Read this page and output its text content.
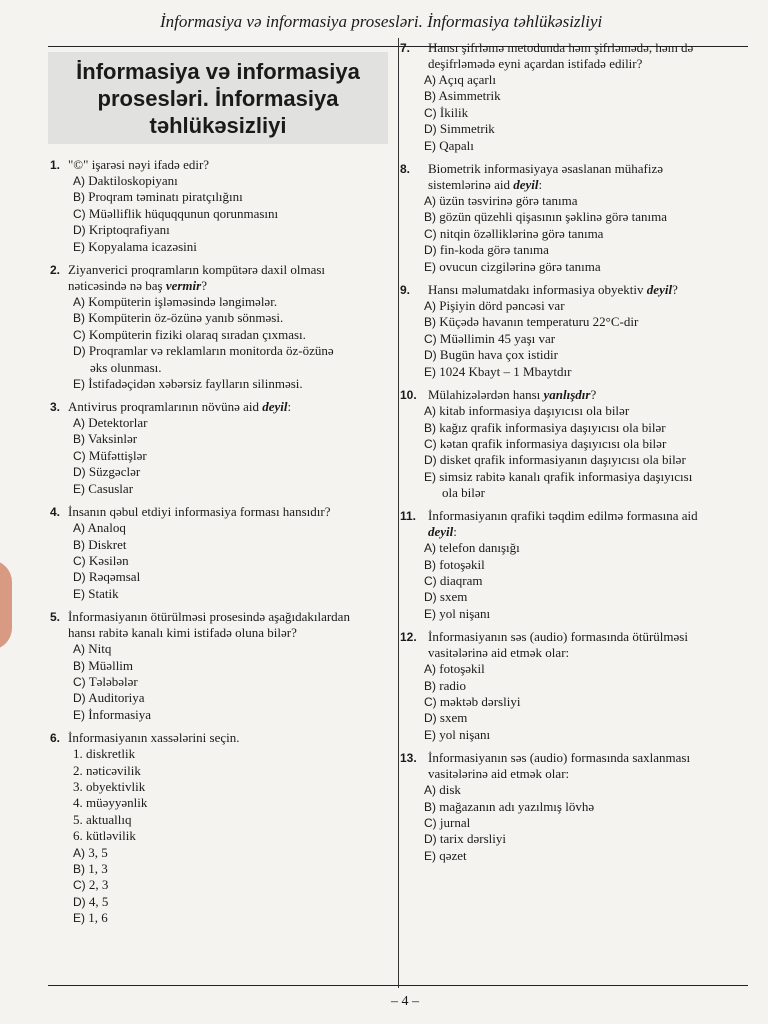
İnformasiya və informasiya prosesləri. İnformasiya təhlükəsizliyi
İnformasiya və informasiya
prosesləri. İnformasiya
təhlükəsizliyi
1. "©" işarəsi nəyi ifadə edir?
A) Daktiloskopiyanı
B) Proqram təminatı piratçılığını
C) Müəlliflik hüquqqunun qorunmasını
D) Kriptoqrafiyanı
E) Kopyalama icazəsini
2. Ziyanverici proqramların kompütərə daxil olması
nəticəsində nə baş vermir?
A) Kompüterin işləməsində ləngimələr.
B) Kompüterin öz-özünə yanıb sönməsi.
C) Kompüterin fiziki olaraq sıradan çıxması.
D) Proqramlar və reklamların monitorda öz-özünə
əks olunması.
E) İstifadəçidən xəbərsiz faylların silinməsi.
3. Antivirus proqramlarının növünə aid deyil:
A) Detektorlar
B) Vaksinlər
C) Müfəttişlər
D) Süzgəclər
E) Casuslar
4. İnsanın qəbul etdiyi informasiya forması hansıdır?
A) Analoq
B) Diskret
C) Kəsilən
D) Rəqəmsal
E) Statik
5. İnformasiyanın ötürülməsi prosesində aşağıdakılardan
hansı rabitə kanalı kimi istifadə oluna bilər?
A) Nitq
B) Müəllim
C) Tələbələr
D) Auditoriya
E) İnformasiya
6. İnformasiyanın xassələrini seçin.
1. diskretlik
2. nəticəvilik
3. obyektivlik
4. müəyyənlik
5. aktuallıq
6. kütləvilik
A) 3, 5
B) 1, 3
C) 2, 3
D) 4, 5
E) 1, 6
7. Hansı şifrləmə metodunda həm şifrləmədə, həm də
deşifrləmədə eyni açardan istifadə edilir?
A) Açıq açarlı
B) Asimmetrik
C) İkilik
D) Simmetrik
E) Qapalı
8. Biometrik informasiyaya əsaslanan mühafizə
sistemlərinə aid deyil:
A) üzün təsvirinə görə tanıma
B) gözün qüzehli qişasının şəklinə görə tanıma
C) nitqin özəlliklərinə görə tanıma
D) fin-koda görə tanıma
E) ovucun cizgilərinə görə tanıma
9. Hansı məlumatdakı informasiya obyektiv deyil?
A) Pişiyin dörd pəncəsi var
B) Küçədə havanın temperaturu 22°C-dir
C) Müəllimin 45 yaşı var
D) Bugün hava çox istidir
E) 1024 Kbayt – 1 Mbaytdır
10. Mülahizələrdən hansı yanlışdır?
A) kitab informasiya daşıyıcısı ola bilər
B) kağız qrafik informasiya daşıyıcısı ola bilər
C) kətan qrafik informasiya daşıyıcısı ola bilər
D) disket qrafik informasiyanın daşıyıcısı ola bilər
E) simsiz rabitə kanalı qrafik informasiya daşıyıcısı
ola bilər
11. İnformasiyanın qrafiki təqdim edilmə formasına aid
deyil:
A) telefon danışığı
B) fotoşəkil
C) diaqram
D) sxem
E) yol nişanı
12. İnformasiyanın səs (audio) formasında ötürülməsi
vasitələrinə aid etmək olar:
A) fotoşəkil
B) radio
C) məktəb dərsliyi
D) sxem
E) yol nişanı
13. İnformasiyanın səs (audio) formasında saxlanması
vasitələrinə aid etmək olar:
A) disk
B) mağazanın adı yazılmış lövhə
C) jurnal
D) tarix dərsliyi
E) qəzet
– 4 –
